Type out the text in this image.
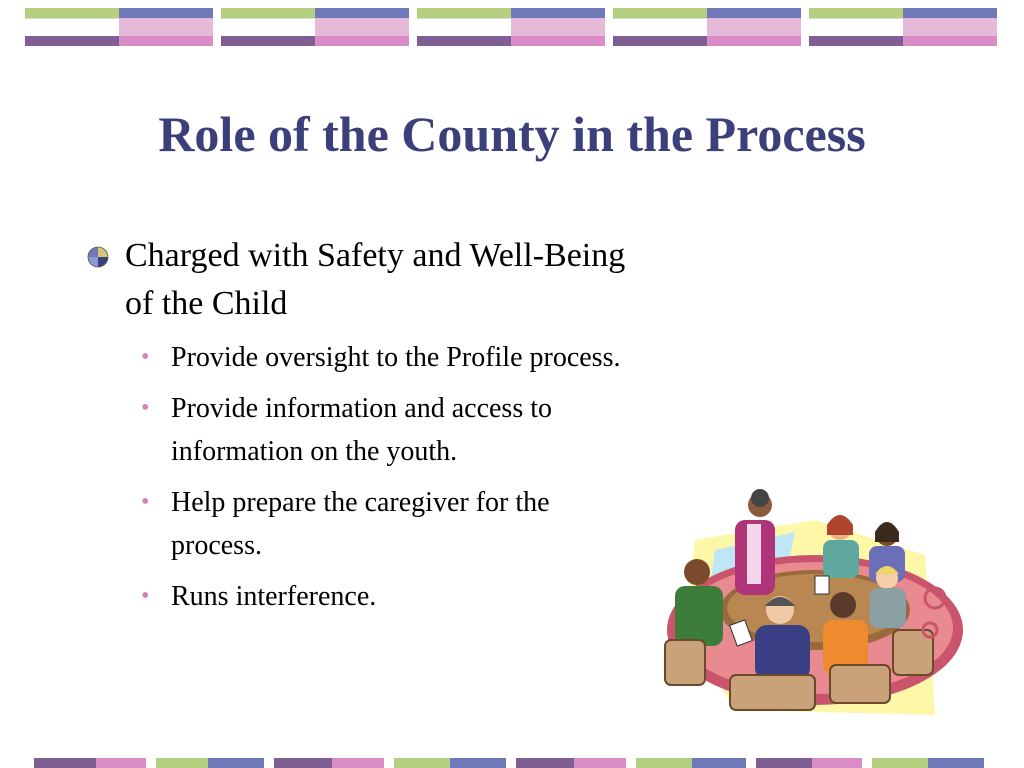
Role of the County in the Process
Charged with Safety and Well-Being
of the Child
• Provide oversight to the Profile process.
• Provide information and access to
information on the youth.
• Help prepare the caregiver for the
process.
• Runs interference.
